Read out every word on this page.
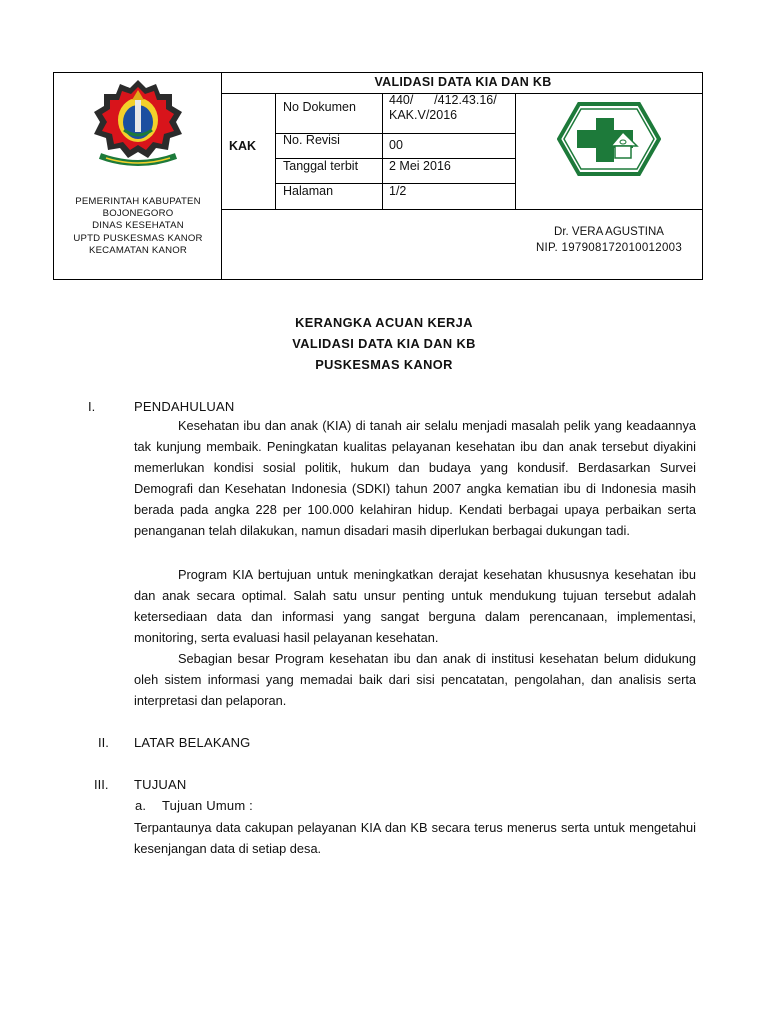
PEMERINTAH KABUPATEN
BOJONEGORO
DINAS KESEHATAN
UPTD PUSKESMAS KANOR
KECAMATAN KANOR
VALIDASI DATA KIA DAN KB
KAK
No Dokumen	440/      /412.43.16/
KAK.V/2016
No. Revisi	00
Tanggal terbit 2 Mei 2016
Halaman	1/2
Dr. VERA AGUSTINA
NIP. 197908172010012003
KERANGKA ACUAN KERJA
VALIDASI DATA KIA DAN KB
PUSKESMAS KANOR
I.	PENDAHULUAN

Kesehatan ibu dan anak (KIA) di tanah air selalu menjadi masalah pelik yang keadaannya tak kunjung membaik. Peningkatan kualitas pelayanan kesehatan ibu dan anak tersebut diyakini memerlukan kondisi sosial politik, hukum dan budaya yang kondusif. Berdasarkan Survei Demografi dan Kesehatan Indonesia (SDKI) tahun 2007 angka kematian ibu di Indonesia masih berada pada angka 228 per 100.000 kelahiran hidup. Kendati berbagai upaya perbaikan serta penanganan telah dilakukan, namun disadari masih diperlukan berbagai dukungan tadi.

Program KIA bertujuan untuk meningkatkan derajat kesehatan khususnya kesehatan ibu dan anak secara optimal. Salah satu unsur penting untuk mendukung tujuan tersebut adalah ketersediaan data dan informasi yang sangat berguna dalam perencanaan, implementasi, monitoring, serta evaluasi hasil pelayanan kesehatan.

Sebagian besar Program kesehatan ibu dan anak di institusi kesehatan belum didukung oleh sistem informasi yang memadai baik dari sisi pencatatan, pengolahan, dan analisis serta interpretasi dan pelaporan.

II. LATAR BELAKANG
III. TUJUAN
a. Tujuan Umum :

Terpantaunya data cakupan pelayanan KIA dan KB secara terus menerus serta untuk mengetahui kesenjangan data di setiap desa.
